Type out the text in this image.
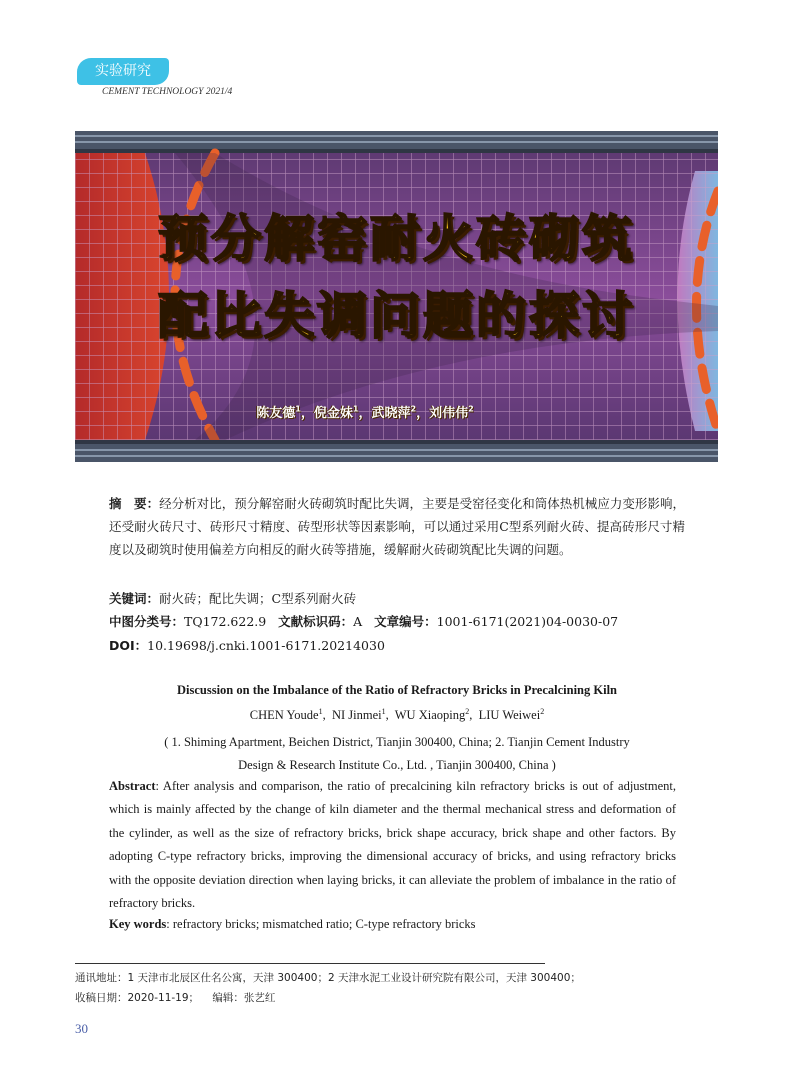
实验研究
CEMENT TECHNOLOGY 2021/4
预分解窑耐火砖砌筑
配比失调问题的探讨
陈友德$^1$，倪金妹$^1$，武晓萍$^2$，刘伟伟$^2$
摘　要：经分析对比，预分解窑耐火砖砌筑时配比失调，主要是受窑径变化和筒体热机械应力变形影响，还受耐火砖尺寸、砖形尺寸精度、砖型形状等因素影响，可以通过采用C型系列耐火砖、提高砖形尺寸精度以及砌筑时使用偏差方向相反的耐火砖等措施，缓解耐火砖砌筑配比失调的问题。
关键词：耐火砖；配比失调；C型系列耐火砖
中图分类号：TQ172.622.9 文献标识码：A 文章编号：1001-6171(2021)04-0030-07
DOI：10.19698/j.cnki.1001-6171.20214030
Discussion on the Imbalance of the Ratio of Refractory Bricks in Precalcining Kiln
CHEN Youde$^1$,  NI Jinmei$^1$,  WU Xiaoping$^2$,  LIU Weiwei$^2$
( 1. Shiming Apartment, Beichen District, Tianjin 300400, China; 2. Tianjin Cement Industry
Design & Research Institute Co., Ltd. , Tianjin 300400, China )
Abstract: After analysis and comparison, the ratio of precalcining kiln refractory bricks is out of adjustment, which is mainly affected by the change of kiln diameter and the thermal mechanical stress and deformation of the cylinder, as well as the size of refractory bricks, brick shape accuracy, brick shape and other factors. By adopting C-type refractory bricks, improving the dimensional accuracy of bricks, and using refractory bricks with the opposite deviation direction when laying bricks, it can alleviate the problem of imbalance in the ratio of refractory bricks.
Key words: refractory bricks; mismatched ratio; C-type refractory bricks
通讯地址：1 天津市北辰区仕名公寓，天津 300400；2 天津水泥工业设计研究院有限公司，天津 300400；
收稿日期：2020-11-19； 编辑：张艺红
30
